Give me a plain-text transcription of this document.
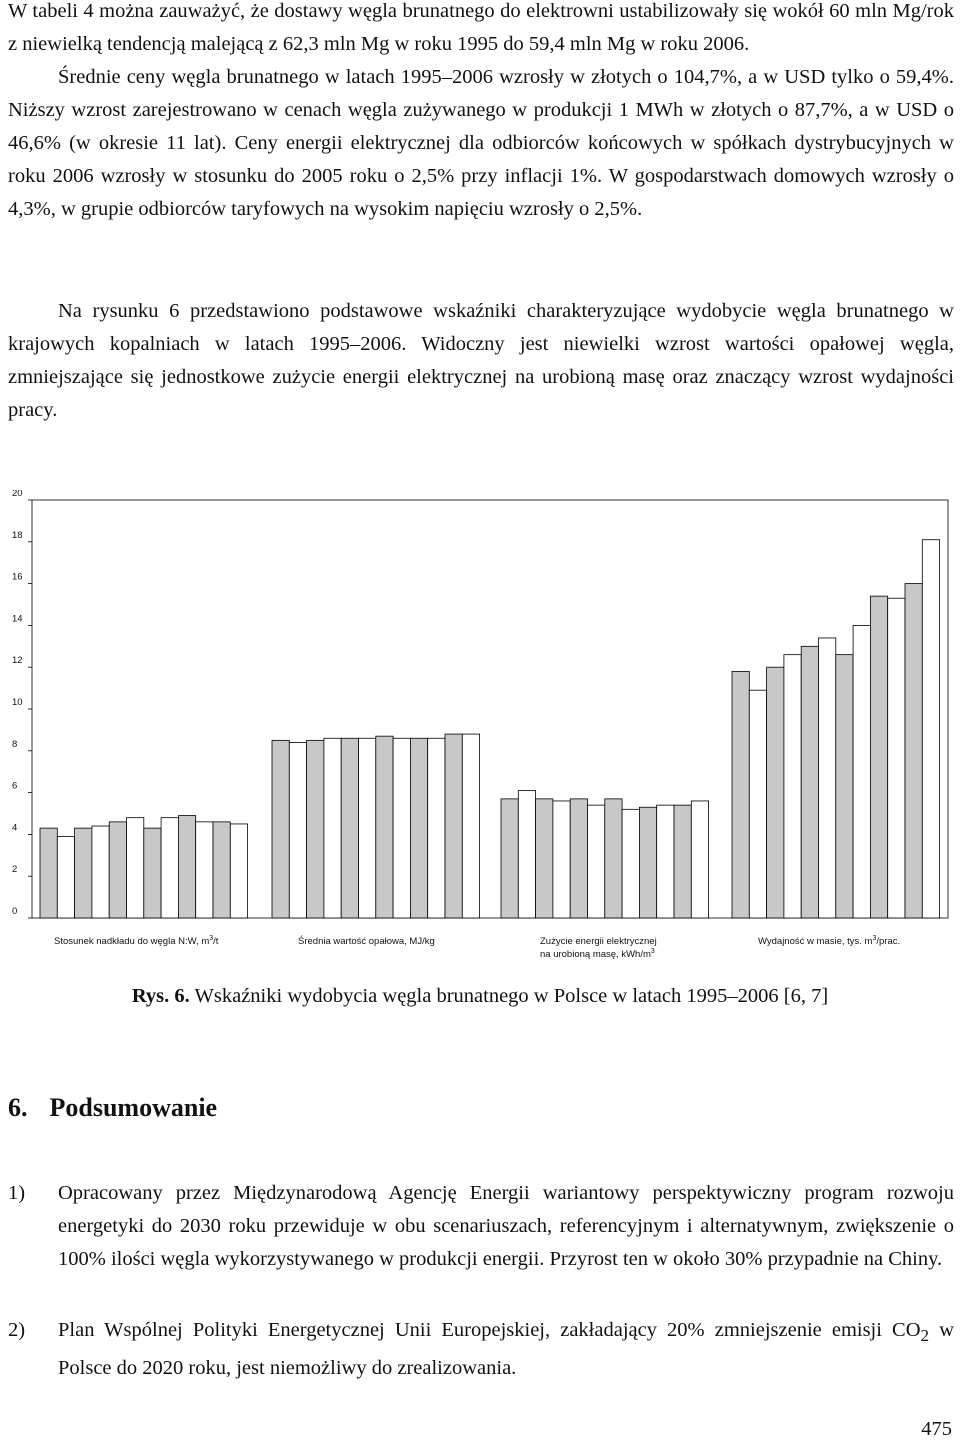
W tabeli 4 można zauważyć, że dostawy węgla brunatnego do elektrowni ustabilizowały się wokół 60 mln Mg/rok z niewielką tendencją malejącą z 62,3 mln Mg w roku 1995 do 59,4 mln Mg w roku 2006.

Średnie ceny węgla brunatnego w latach 1995–2006 wzrosły w złotych o 104,7%, a w USD tylko o 59,4%. Niższy wzrost zarejestrowano w cenach węgla zużywanego w produkcji 1 MWh w złotych o 87,7%, a w USD o 46,6% (w okresie 11 lat). Ceny energii elektrycznej dla odbiorców końcowych w spółkach dystrybucyjnych w roku 2006 wzrosły w stosunku do 2005 roku o 2,5% przy inflacji 1%. W gospodarstwach domowych wzrosły o 4,3%, w grupie odbiorców taryfowych na wysokim napięciu wzrosły o 2,5%.

Na rysunku 6 przedstawiono podstawowe wskaźniki charakteryzujące wydobycie węgla brunatnego w krajowych kopalniach w latach 1995–2006. Widoczny jest niewielki wzrost wartości opałowej węgla, zmniejszające się jednostkowe zużycie energii elektrycznej na urobioną masę oraz znaczący wzrost wydajności pracy.

0
2
4
6
8
10
12
14
16
18
20
Stosunek nadkładu do węgla N:W, $m^3/t$	Średnia wartość opałowa, MJ/kg	Zużycie energii elektrycznej
na urobioną masę, kWh/$m^3$
Wydajność w masie, tys. $m^3$/prac.
Rys. 6. Wskaźniki wydobycia węgla brunatnego w Polsce w latach 1995–2006 [6, 7]
6. Podsumowanie
1) Opracowany przez Międzynarodową Agencję Energii wariantowy perspektywiczny program rozwoju energetyki do 2030 roku przewiduje w obu scenariuszach, referencyjnym i alternatywnym, zwiększenie o 100% ilości węgla wykorzystywanego w produkcji energii. Przyrost ten w około 30% przypadnie na Chiny.
2) Plan Wspólnej Polityki Energetycznej Unii Europejskiej, zakładający 20% zmniejszenie emisji $CO_2$ w Polsce do 2020 roku, jest niemożliwy do zrealizowania.
475
